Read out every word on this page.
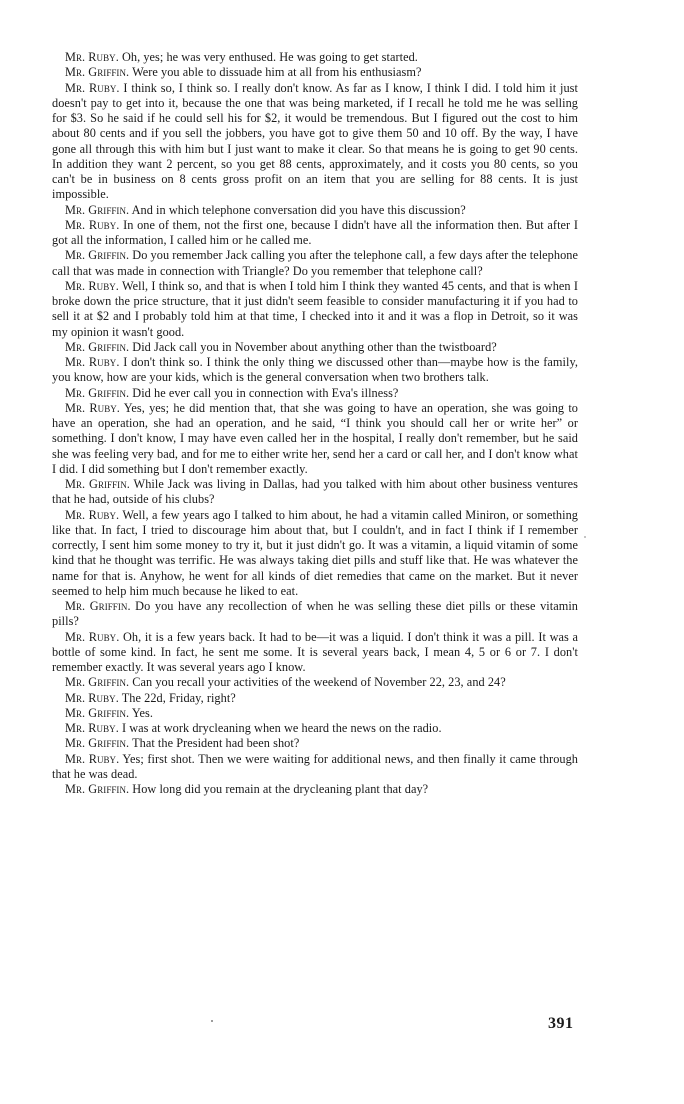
Mr. Ruby. Oh, yes; he was very enthused. He was going to get started.

Mr. Griffin. Were you able to dissuade him at all from his enthusiasm?

Mr. Ruby. I think so, I think so. I really don't know. As far as I know, I think I did. I told him it just doesn't pay to get into it, because the one that was being marketed, if I recall he told me he was selling for $3. So he said if he could sell his for $2, it would be tremendous. But I figured out the cost to him about 80 cents and if you sell the jobbers, you have got to give them 50 and 10 off. By the way, I have gone all through this with him but I just want to make it clear. So that means he is going to get 90 cents. In addition they want 2 percent, so you get 88 cents, approximately, and it costs you 80 cents, so you can't be in business on 8 cents gross profit on an item that you are selling for 88 cents. It is just impossible.

Mr. Griffin. And in which telephone conversation did you have this discussion?

Mr. Ruby. In one of them, not the first one, because I didn't have all the information then. But after I got all the information, I called him or he called me.

Mr. Griffin. Do you remember Jack calling you after the telephone call, a few days after the telephone call that was made in connection with Triangle? Do you remember that telephone call?

Mr. Ruby. Well, I think so, and that is when I told him I think they wanted 45 cents, and that is when I broke down the price structure, that it just didn't seem feasible to consider manufacturing it if you had to sell it at $2 and I probably told him at that time, I checked into it and it was a flop in Detroit, so it was my opinion it wasn't good.

Mr. Griffin. Did Jack call you in November about anything other than the twistboard?

Mr. Ruby. I don't think so. I think the only thing we discussed other than—maybe how is the family, you know, how are your kids, which is the general conversation when two brothers talk.

Mr. Griffin. Did he ever call you in connection with Eva's illness?

Mr. Ruby. Yes, yes; he did mention that, that she was going to have an operation, she was going to have an operation, she had an operation, and he said, “I think you should call her or write her” or something. I don't know, I may have even called her in the hospital, I really don't remember, but he said she was feeling very bad, and for me to either write her, send her a card or call her, and I don't know what I did. I did something but I don't remember exactly.

Mr. Griffin. While Jack was living in Dallas, had you talked with him about other business ventures that he had, outside of his clubs?

Mr. Ruby. Well, a few years ago I talked to him about, he had a vitamin called Miniron, or something like that. In fact, I tried to discourage him about that, but I couldn't, and in fact I think if I remember correctly, I sent him some money to try it, but it just didn't go. It was a vitamin, a liquid vitamin of some kind that he thought was terrific. He was always taking diet pills and stuff like that. He was whatever the name for that is. Anyhow, he went for all kinds of diet remedies that came on the market. But it never seemed to help him much because he liked to eat.

Mr. Griffin. Do you have any recollection of when he was selling these diet pills or these vitamin pills?

Mr. Ruby. Oh, it is a few years back. It had to be—it was a liquid. I don't think it was a pill. It was a bottle of some kind. In fact, he sent me some. It is several years back, I mean 4, 5 or 6 or 7. I don't remember exactly. It was several years ago I know.

Mr. Griffin. Can you recall your activities of the weekend of November 22, 23, and 24?

Mr. Ruby. The 22d, Friday, right?

Mr. Griffin. Yes.

Mr. Ruby. I was at work drycleaning when we heard the news on the radio.

Mr. Griffin. That the President had been shot?

Mr. Ruby. Yes; first shot. Then we were waiting for additional news, and then finally it came through that he was dead.

Mr. Griffin. How long did you remain at the drycleaning plant that day?

391
